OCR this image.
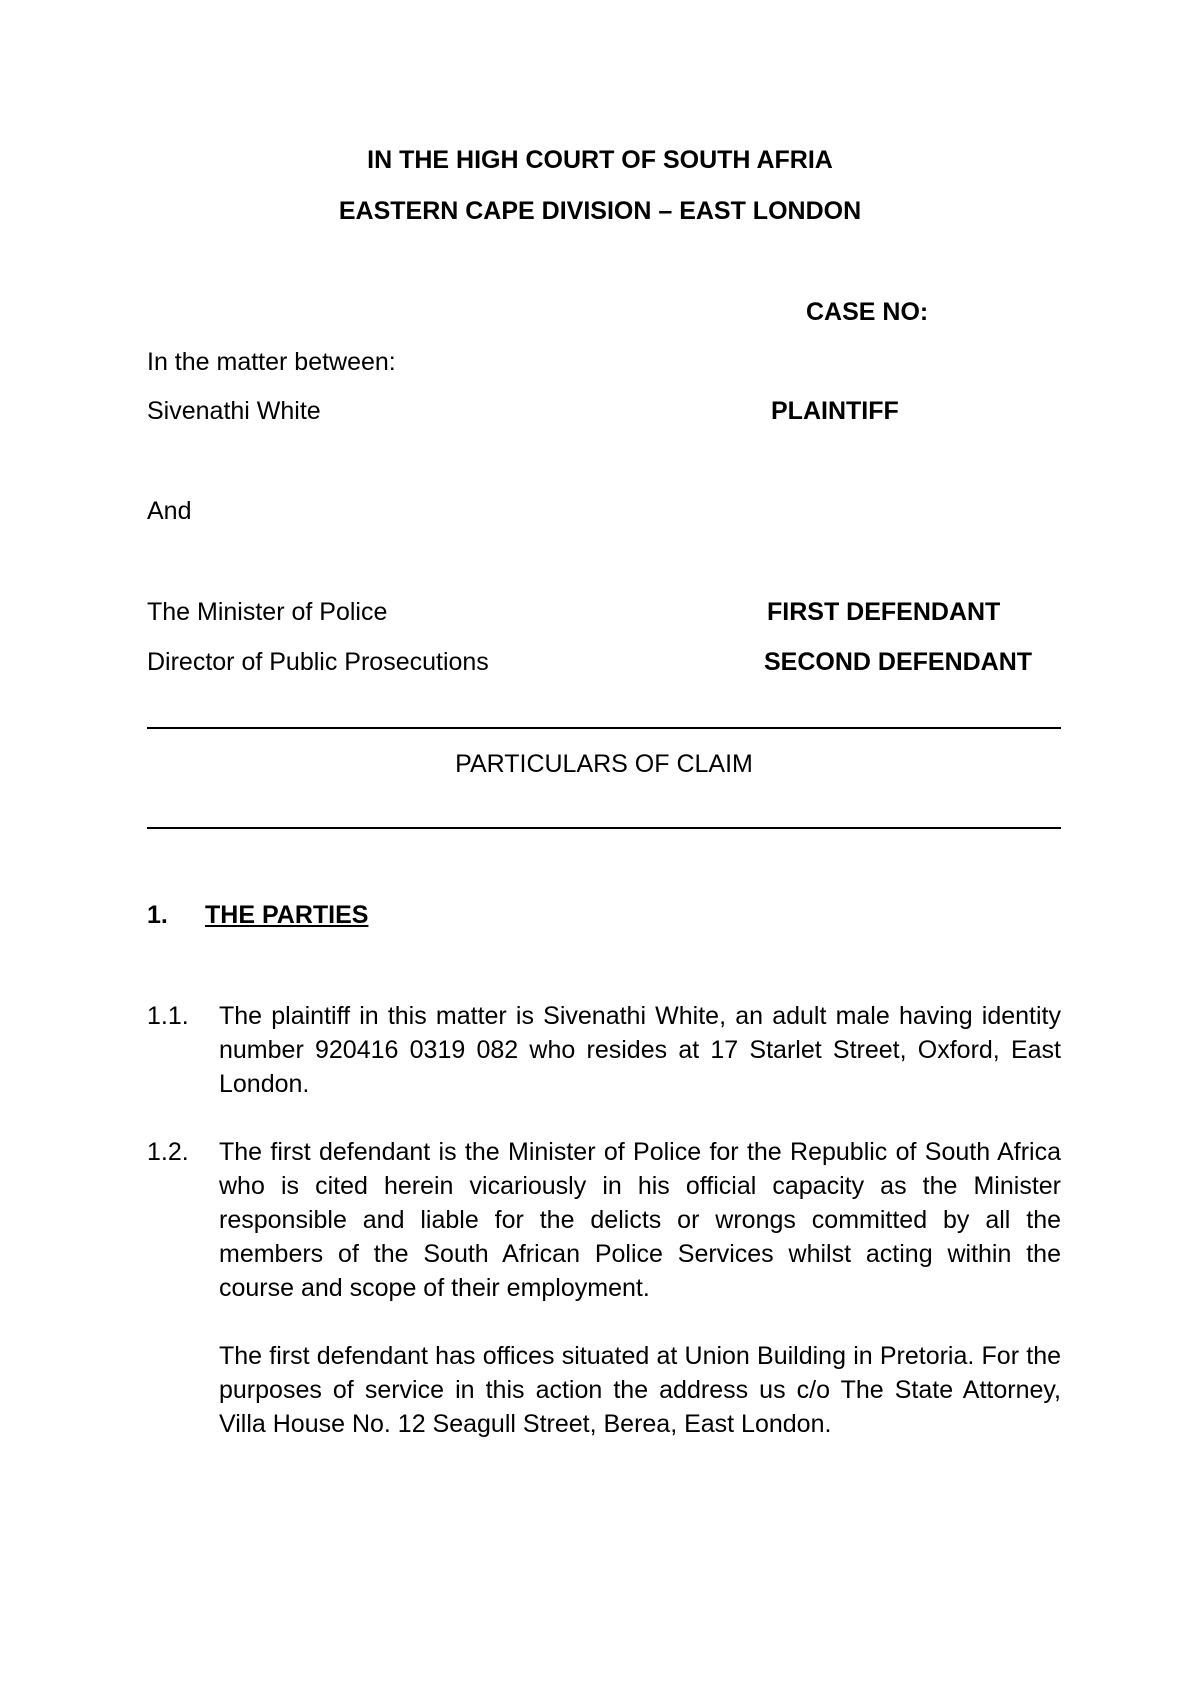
IN THE HIGH COURT OF SOUTH AFRIA
EASTERN CAPE DIVISION – EAST LONDON
CASE NO:
In the matter between:
Sivenathi White	PLAINTIFF
And
The Minister of Police	FIRST DEFENDANT
Director of Public Prosecutions	SECOND DEFENDANT
PARTICULARS OF CLAIM
1. THE PARTIES
1.1. The plaintiff in this matter is Sivenathi White, an adult male having identity number 920416 0319 082 who resides at 17 Starlet Street, Oxford, East London.
1.2. The first defendant is the Minister of Police for the Republic of South Africa who is cited herein vicariously in his official capacity as the Minister responsible and liable for the delicts or wrongs committed by all the members of the South African Police Services whilst acting within the course and scope of their employment.
The first defendant has offices situated at Union Building in Pretoria. For the purposes of service in this action the address us c/o The State Attorney, Villa House No. 12 Seagull Street, Berea, East London.
